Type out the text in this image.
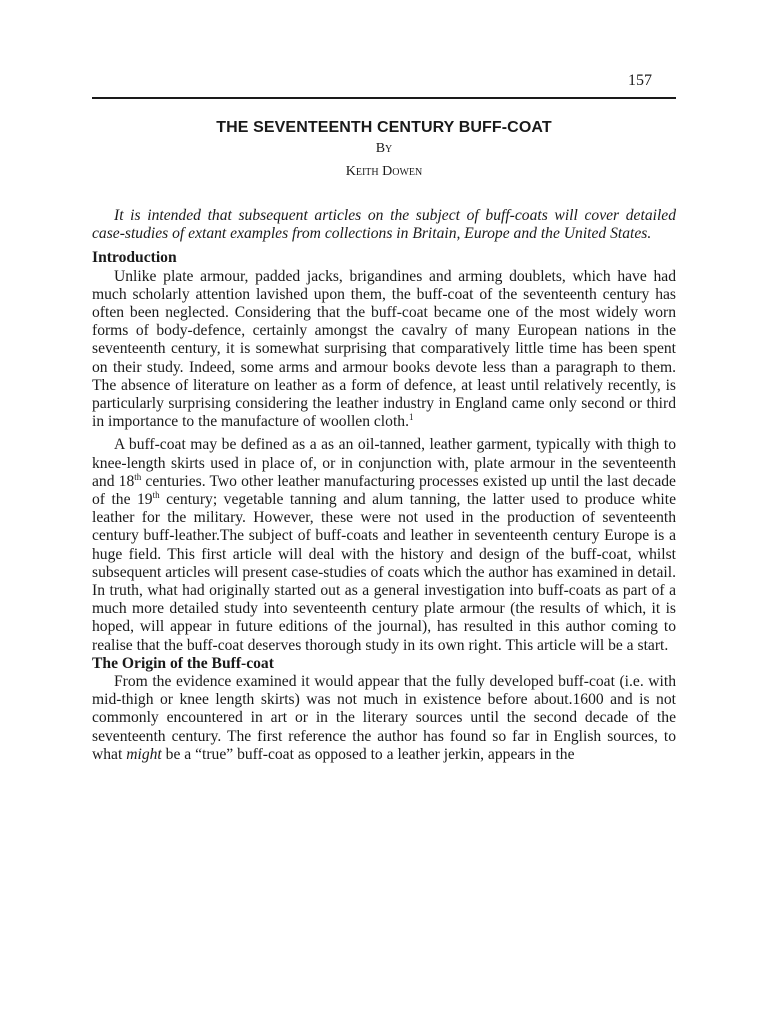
157
THE SEVENTEENTH CENTURY BUFF-COAT
By
Keith Dowen

It is intended that subsequent articles on the subject of buff-coats will cover detailed case-studies of extant examples from collections in Britain, Europe and the United States.

Introduction

Unlike plate armour, padded jacks, brigandines and arming doublets, which have had much scholarly attention lavished upon them, the buff-coat of the seventeenth century has often been neglected. Considering that the buff-coat became one of the most widely worn forms of body-defence, certainly amongst the cavalry of many European nations in the seventeenth century, it is somewhat surprising that comparatively little time has been spent on their study. Indeed, some arms and armour books devote less than a paragraph to them. The absence of literature on leather as a form of defence, at least until relatively recently, is particularly surprising considering the leather industry in England came only second or third in importance to the manufacture of woollen cloth.$^1$

A buff-coat may be defined as a as an oil-tanned, leather garment, typically with thigh to knee-length skirts used in place of, or in conjunction with, plate armour in the seventeenth and 18th centuries. Two other leather manufacturing processes existed up until the last decade of the 19th century; vegetable tanning and alum tanning, the latter used to produce white leather for the military. However, these were not used in the production of seventeenth century buff-leather.The subject of buff-coats and leather in seventeenth century Europe is a huge field. This first article will deal with the history and design of the buff-coat, whilst subsequent articles will present case-studies of coats which the author has examined in detail. In truth, what had originally started out as a general investigation into buff-coats as part of a much more detailed study into seventeenth century plate armour (the results of which, it is hoped, will appear in future editions of the journal), has resulted in this author coming to realise that the buff-coat deserves thorough study in its own right. This article will be a start.

The Origin of the Buff-coat

From the evidence examined it would appear that the fully developed buff-coat (i.e. with mid-thigh or knee length skirts) was not much in existence before about.1600 and is not commonly encountered in art or in the literary sources until the second decade of the seventeenth century. The first reference the author has found so far in English sources, to what might be a “true” buff-coat as opposed to a leather jerkin, appears in the
